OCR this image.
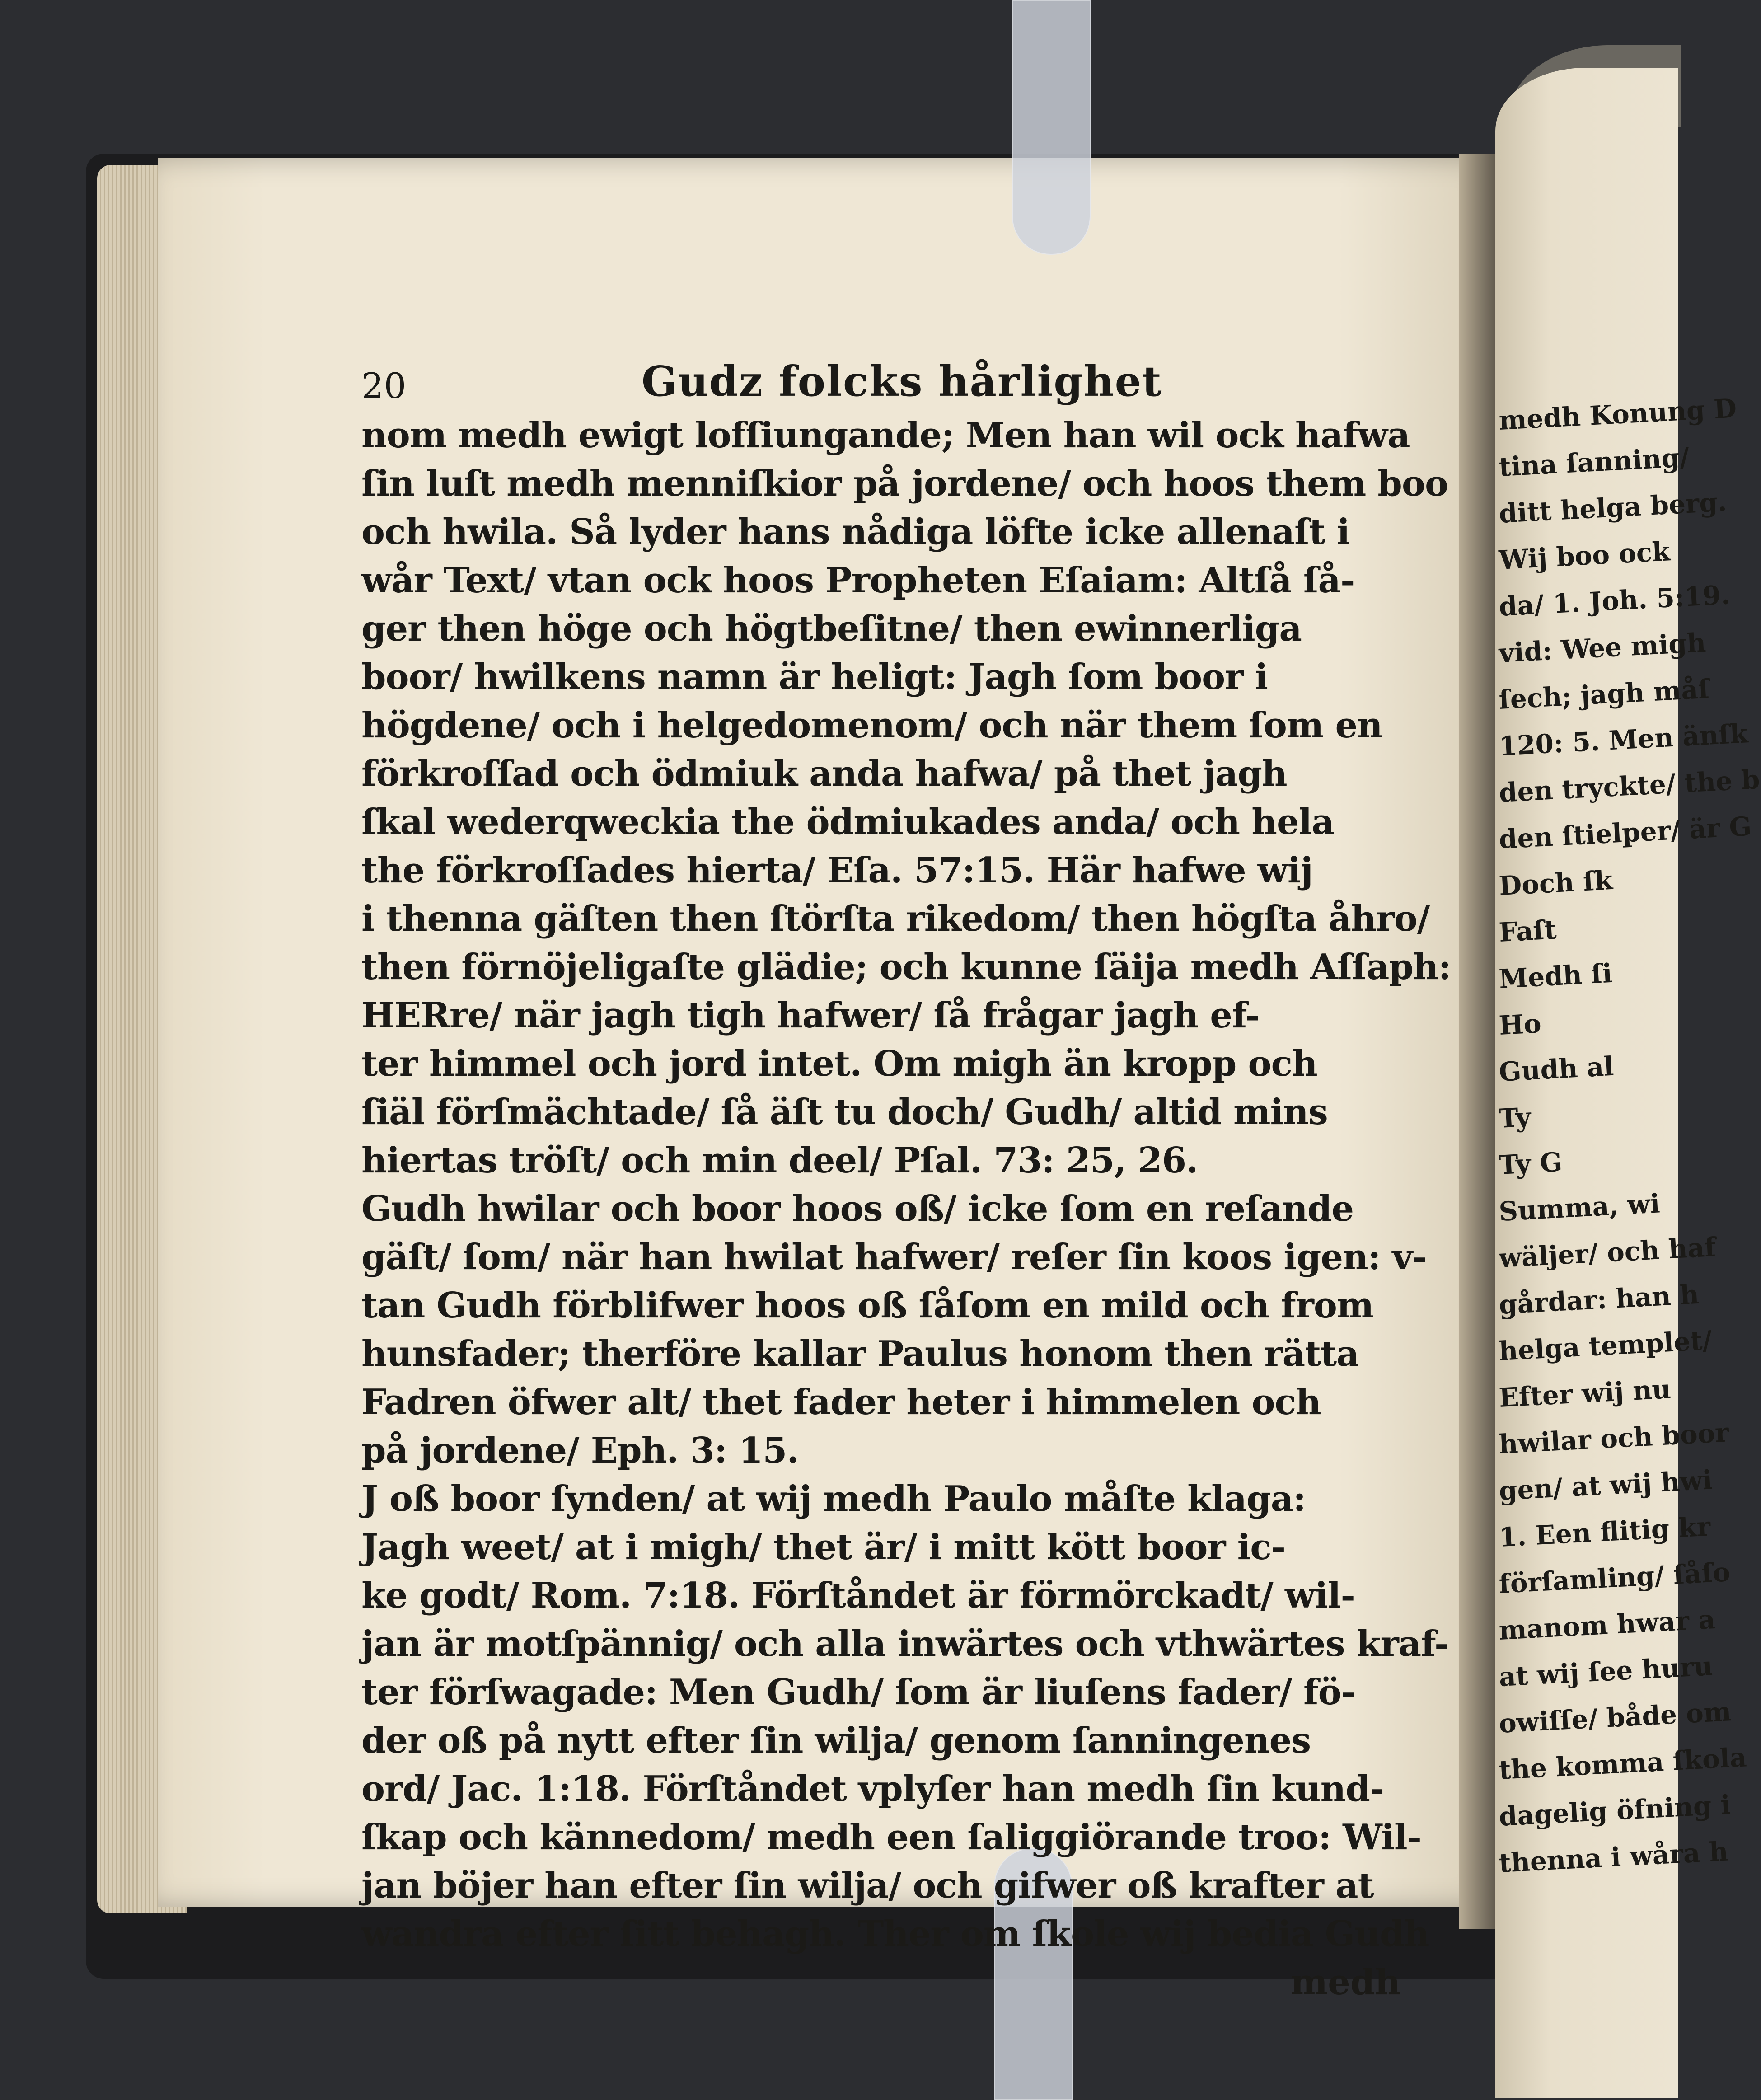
20	Gudz folcks hårlighet
nom medh ewigt lofſiungande; Men han wil ock hafwa
ſin luſt medh menniſkior på jordene/ och hoos them boo
och hwila. Så lyder hans nådiga löfte icke allenaſt i
wår Text/ vtan ock hoos Propheten Eſaiam: Altſå ſå-
ger then höge och högtbeſitne/ then ewinnerliga
boor/ hwilkens namn är heligt: Jagh ſom boor i
högdene/ och i helgedomenom/ och när them ſom en
förkroſſad och ödmiuk anda hafwa/ på thet jagh
ſkal wederqweckia the ödmiukades anda/ och hela
the förkroſſades hierta/ Eſa. 57:15. Här hafwe wij
i thenna gäſten then ſtörſta rikedom/ then högſta åhro/
then förnöjeligaſte glädie; och kunne ſäija medh Aſſaph:
HERre/ när jagh tigh hafwer/ ſå frågar jagh ef-
ter himmel och jord intet. Om migh än kropp och
ſiäl förſmächtade/ ſå äſt tu doch/ Gudh/ altid mins
hiertas tröſt/ och min deel/ Pſal. 73: 25, 26.
Gudh hwilar och boor hoos oß/ icke ſom en reſande
gäſt/ ſom/ när han hwilat hafwer/ reſer ſin koos igen: v-
tan Gudh förblifwer hoos oß ſåſom en mild och from
hunsfader; therföre kallar Paulus honom then rätta
Fadren öfwer alt/ thet fader heter i himmelen och
på jordene/ Eph. 3: 15.
J oß boor ſynden/ at wij medh Paulo måſte klaga:
Jagh weet/ at i migh/ thet är/ i mitt kött boor ic-
ke godt/ Rom. 7:18. Förſtåndet är förmörckadt/ wil-
jan är motſpännig/ och alla inwärtes och vthwärtes kraf-
ter förſwagade: Men Gudh/ ſom är liuſens fader/ fö-
der oß på nytt efter ſin wilja/ genom ſanningenes
ord/ Jac. 1:18. Förſtåndet vplyſer han medh ſin kund-
ſkap och kännedom/ medh een ſaliggiörande troo: Wil-
jan böjer han efter ſin wilja/ och gifwer oß krafter at
wandra efter ſitt behagh. Ther om ſkole wij bedia Gudh
medh
medh Konung D
tina ſanning/
ditt helga berg.
Wij boo ock
da/ 1. Joh. 5:19.
vid: Wee migh
ſech; jagh måſ
120: 5. Men änſk
den tryckte/ the b
den ſtielper/ är G
Doch ſk
Faſt
Medh ſi
Ho
Gudh al
Ty
Ty G
Summa, wi
wäljer/ och haf
gårdar: han h
helga templet/
Efter wij nu
hwilar och boor
gen/ at wij hwi
1. Een flitig kr
förſamling/ ſåſo
manom hwar a
at wij ſee huru
owiſſe/ både om
the komma ſkola
dagelig öfning i
thenna i wåra h
